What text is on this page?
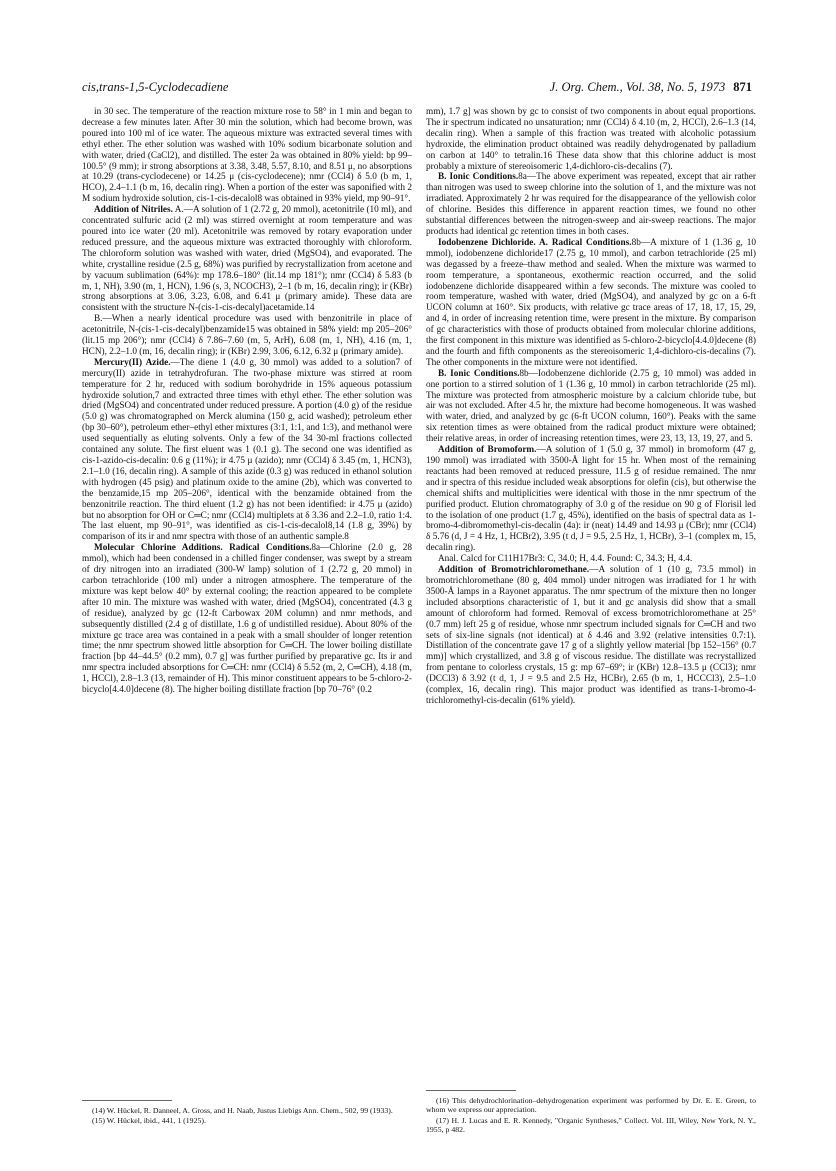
cis,trans-1,5-Cyclodecadiene	J. Org. Chem., Vol. 38, No. 5, 1973 871

in 30 sec. The temperature of the reaction mixture rose to 58° in 1 min and began to decrease a few minutes later. After 30 min the solution, which had become brown, was poured into 100 ml of ice water. The aqueous mixture was extracted several times with ethyl ether. The ether solution was washed with 10% sodium bicarbonate solution and with water, dried (CaCl2), and distilled. The ester 2a was obtained in 80% yield: bp 99–100.5° (9 mm); ir strong absorptions at 3.38, 3.48, 5.57, 8.10, and 8.51 μ, no absorptions at 10.29 (trans-cyclodecene) or 14.25 μ (cis-cyclodecene); nmr (CCl4) δ 5.0 (b m, 1, HCO), 2.4–1.1 (b m, 16, decalin ring). When a portion of the ester was saponified with 2 M sodium hydroxide solution, cis-1-cis-decalol8 was obtained in 93% yield, mp 90–91°.

Addition of Nitriles. A.—A solution of 1 (2.72 g, 20 mmol), acetonitrile (10 ml), and concentrated sulfuric acid (2 ml) was stirred overnight at room temperature and was poured into ice water (20 ml). Acetonitrile was removed by rotary evaporation under reduced pressure, and the aqueous mixture was extracted thoroughly with chloroform. The chloroform solution was washed with water, dried (MgSO4), and evaporated. The white, crystalline residue (2.5 g, 68%) was purified by recrystallization from acetone and by vacuum sublimation (64%): mp 178.6–180° (lit.14 mp 181°); nmr (CCl4) δ 5.83 (b m, 1, NH), 3.90 (m, 1, HCN), 1.96 (s, 3, NCOCH3), 2–1 (b m, 16, decalin ring); ir (KBr) strong absorptions at 3.06, 3.23, 6.08, and 6.41 μ (primary amide). These data are consistent with the structure N-(cis-1-cis-decalyl)acetamide.14

B.—When a nearly identical procedure was used with benzonitrile in place of acetonitrile, N-(cis-1-cis-decalyl)benzamide15 was obtained in 58% yield: mp 205–206° (lit.15 mp 206°); nmr (CCl4) δ 7.86–7.60 (m, 5, ArH), 6.08 (m, 1, NH), 4.16 (m, 1, HCN), 2.2–1.0 (m, 16, decalin ring); ir (KBr) 2.99, 3.06, 6.12, 6.32 μ (primary amide).

Mercury(II) Azide.—The diene 1 (4.0 g, 30 mmol) was added to a solution7 of mercury(II) azide in tetrahydrofuran. The two-phase mixture was stirred at room temperature for 2 hr, reduced with sodium borohydride in 15% aqueous potassium hydroxide solution,7 and extracted three times with ethyl ether. The ether solution was dried (MgSO4) and concentrated under reduced pressure. A portion (4.0 g) of the residue (5.0 g) was chromatographed on Merck alumina (150 g, acid washed); petroleum ether (bp 30–60°), petroleum ether–ethyl ether mixtures (3:1, 1:1, and 1:3), and methanol were used sequentially as eluting solvents. Only a few of the 34 30-ml fractions collected contained any solute. The first eluent was 1 (0.1 g). The second one was identified as cis-1-azido-cis-decalin: 0.6 g (11%); ir 4.75 μ (azido); nmr (CCl4) δ 3.45 (m, 1, HCN3), 2.1–1.0 (16, decalin ring). A sample of this azide (0.3 g) was reduced in ethanol solution with hydrogen (45 psig) and platinum oxide to the amine (2b), which was converted to the benzamide,15 mp 205–206°, identical with the benzamide obtained from the benzonitrile reaction. The third eluent (1.2 g) has not been identified: ir 4.75 μ (azido) but no absorption for OH or C═C; nmr (CCl4) multiplets at δ 3.36 and 2.2–1.0, ratio 1:4. The last eluent, mp 90–91°, was identified as cis-1-cis-decalol8,14 (1.8 g, 39%) by comparison of its ir and nmr spectra with those of an authentic sample.8

Molecular Chlorine Additions. Radical Conditions.8a—Chlorine (2.0 g, 28 mmol), which had been condensed in a chilled finger condenser, was swept by a stream of dry nitrogen into an irradiated (300-W lamp) solution of 1 (2.72 g, 20 mmol) in carbon tetrachloride (100 ml) under a nitrogen atmosphere. The temperature of the mixture was kept below 40° by external cooling; the reaction appeared to be complete after 10 min. The mixture was washed with water, dried (MgSO4), concentrated (4.3 g of residue), analyzed by gc (12-ft Carbowax 20M column) and nmr methods, and subsequently distilled (2.4 g of distillate, 1.6 g of undistilled residue). About 80% of the mixture gc trace area was contained in a peak with a small shoulder of longer retention time; the nmr spectrum showed little absorption for C═CH. The lower boiling distillate fraction [bp 44–44.5° (0.2 mm), 0.7 g] was further purified by preparative gc. Its ir and nmr spectra included absorptions for C═CH: nmr (CCl4) δ 5.52 (m, 2, C═CH), 4.18 (m, 1, HCCl), 2.8–1.3 (13, remainder of H). This minor constituent appears to be 5-chloro-2-bicyclo[4.4.0]decene (8). The higher boiling distillate fraction [bp 70–76° (0.2

mm), 1.7 g] was shown by gc to consist of two components in about equal proportions. The ir spectrum indicated no unsaturation; nmr (CCl4) δ 4.10 (m, 2, HCCl), 2.6–1.3 (14, decalin ring). When a sample of this fraction was treated with alcoholic potassium hydroxide, the elimination product obtained was readily dehydrogenated by palladium on carbon at 140° to tetralin.16 These data show that this chlorine adduct is most probably a mixture of stereoisomeric 1,4-dichloro-cis-decalins (7).

B. Ionic Conditions.8a—The above experiment was repeated, except that air rather than nitrogen was used to sweep chlorine into the solution of 1, and the mixture was not irradiated. Approximately 2 hr was required for the disappearance of the yellowish color of chlorine. Besides this difference in apparent reaction times, we found no other substantial differences between the nitrogen-sweep and air-sweep reactions. The major products had identical gc retention times in both cases.

Iodobenzene Dichloride. A. Radical Conditions.8b—A mixture of 1 (1.36 g, 10 mmol), iodobenzene dichloride17 (2.75 g, 10 mmol), and carbon tetrachloride (25 ml) was degassed by a freeze–thaw method and sealed. When the mixture was warmed to room temperature, a spontaneous, exothermic reaction occurred, and the solid iodobenzene dichloride disappeared within a few seconds. The mixture was cooled to room temperature, washed with water, dried (MgSO4), and analyzed by gc on a 6-ft UCON column at 160°. Six products, with relative gc trace areas of 17, 18, 17, 15, 29, and 4, in order of increasing retention time, were present in the mixture. By comparison of gc characteristics with those of products obtained from molecular chlorine additions, the first component in this mixture was identified as 5-chloro-2-bicyclo[4.4.0]decene (8) and the fourth and fifth components as the stereoisomeric 1,4-dichloro-cis-decalins (7). The other components in the mixture were not identified.

B. Ionic Conditions.8b—Iodobenzene dichloride (2.75 g, 10 mmol) was added in one portion to a stirred solution of 1 (1.36 g, 10 mmol) in carbon tetrachloride (25 ml). The mixture was protected from atmospheric moisture by a calcium chloride tube, but air was not excluded. After 4.5 hr, the mixture had become homogeneous. It was washed with water, dried, and analyzed by gc (6-ft UCON column, 160°). Peaks with the same six retention times as were obtained from the radical product mixture were obtained; their relative areas, in order of increasing retention times, were 23, 13, 13, 19, 27, and 5.

Addition of Bromoform.—A solution of 1 (5.0 g, 37 mmol) in bromoform (47 g, 190 mmol) was irradiated with 3500-Å light for 15 hr. When most of the remaining reactants had been removed at reduced pressure, 11.5 g of residue remained. The nmr and ir spectra of this residue included weak absorptions for olefin (cis), but otherwise the chemical shifts and multiplicities were identical with those in the nmr spectrum of the purified product. Elution chromatography of 3.0 g of the residue on 90 g of Florisil led to the isolation of one product (1.7 g, 45%), identified on the basis of spectral data as 1-bromo-4-dibromomethyl-cis-decalin (4a): ir (neat) 14.49 and 14.93 μ (CBr); nmr (CCl4) δ 5.76 (d, J = 4 Hz, 1, HCBr2), 3.95 (t d, J = 9.5, 2.5 Hz, 1, HCBr), 3–1 (complex m, 15, decalin ring).

Anal. Calcd for C11H17Br3: C, 34.0; H, 4.4. Found: C, 34.3; H, 4.4.

Addition of Bromotrichloromethane.—A solution of 1 (10 g, 73.5 mmol) in bromotrichloromethane (80 g, 404 mmol) under nitrogen was irradiated for 1 hr with 3500-Å lamps in a Rayonet apparatus. The nmr spectrum of the mixture then no longer included absorptions characteristic of 1, but it and gc analysis did show that a small amount of chloroform had formed. Removal of excess bromotrichloromethane at 25° (0.7 mm) left 25 g of residue, whose nmr spectrum included signals for C═CH and two sets of six-line signals (not identical) at δ 4.46 and 3.92 (relative intensities 0.7:1). Distillation of the concentrate gave 17 g of a slightly yellow material [bp 152–156° (0.7 mm)] which crystallized, and 3.8 g of viscous residue. The distillate was recrystallized from pentane to colorless crystals, 15 g: mp 67–69°; ir (KBr) 12.8–13.5 μ (CCl3); nmr (DCCl3) δ 3.92 (t d, 1, J = 9.5 and 2.5 Hz, HCBr), 2.65 (b m, 1, HCCCl3), 2.5–1.0 (complex, 16, decalin ring). This major product was identified as trans-1-bromo-4-trichloromethyl-cis-decalin (61% yield).

(14) W. Hückel, R. Danneel, A. Gross, and H. Naab, Justus Liebigs Ann. Chem., 502, 99 (1933).

(15) W. Hückel, ibid., 441, 1 (1925).

(16) This dehydrochlorination–dehydrogenation experiment was performed by Dr. E. E. Green, to whom we express our appreciation.

(17) H. J. Lucas and E. R. Kennedy, "Organic Syntheses," Collect. Vol. III, Wiley, New York, N. Y., 1955, p 482.
